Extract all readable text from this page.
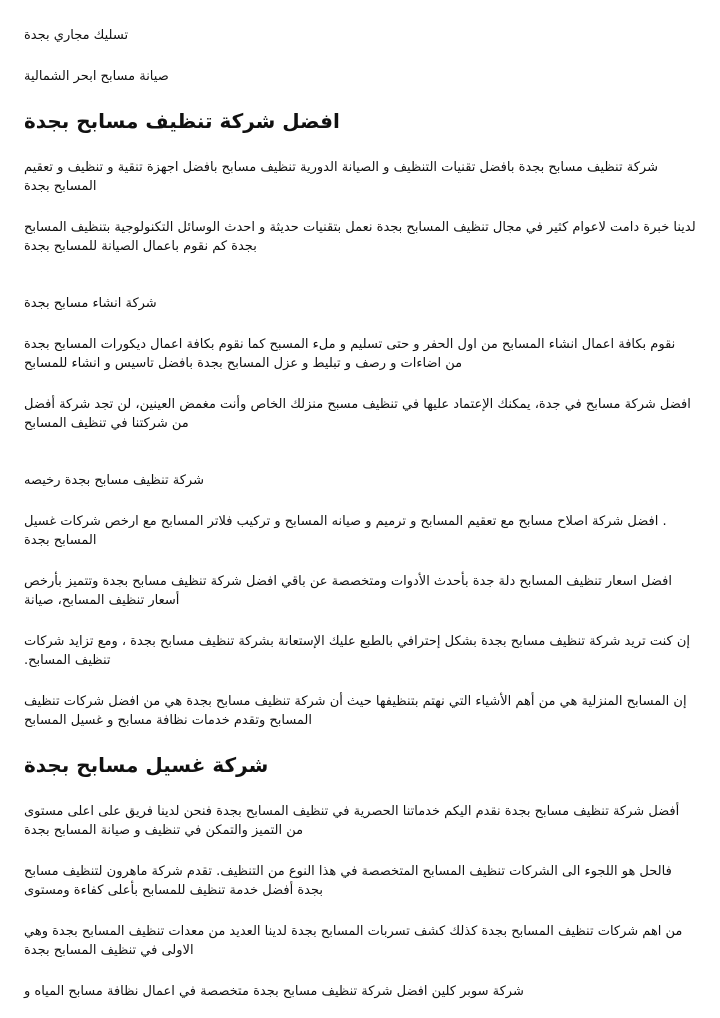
تسليك مجاري بجدة

صيانة مسابح ابحر الشمالية

افضل شركة تنظيف مسابح بجدة

شركة تنظيف مسابح بجدة بافضل تقنيات التنظيف و الصيانة الدورية تنظيف مسابح بافضل اجهزة تنقية و تنظيف و تعقيم المسابح بجدة

لدينا خبرة دامت لاعوام كثير في مجال تنظيف المسابح بجدة نعمل بتقنيات حديثة و احدث الوسائل التكنولوجية بتنظيف المسابح بجدة كم نقوم باعمال الصيانة للمسابح بجدة

شركة انشاء مسابح بجدة

نقوم بكافة اعمال انشاء المسابح من اول الحفر و حتى تسليم و ملء المسبح كما نقوم بكافة اعمال ديكورات المسابح بجدة من اضاءات و رصف و تبليط و عزل المسابح بجدة بافضل تاسيس و انشاء للمسابح

افضل شركة مسابح في جدة، يمكنك الإعتماد عليها في تنظيف مسبح منزلك الخاص وأنت مغمض العينين، لن تجد شركة أفضل من شركتنا في تنظيف المسابح

شركة تنظيف مسابح بجدة رخيصه

. افضل شركة اصلاح مسابح مع تعقيم المسابح و ترميم و صيانه المسابح و تركيب فلاتر المسابح مع ارخص شركات غسيل المسابح بجدة

افضل اسعار تنظيف المسابح دلة جدة بأحدث الأدوات ومتخصصة عن باقي افضل شركة تنظيف مسابح بجدة وتتميز بأرخص أسعار تنظيف المسابح، صيانة

إن كنت تريد شركة تنظيف مسابح بجدة بشكل إحترافي بالطبع عليك الإستعانة بشركة تنظيف مسابح بجدة ، ومع تزايد شركات تنظيف المسابح.

إن المسابح المنزلية هي من أهم الأشياء التي نهتم بتنظيفها حيث أن شركة تنظيف مسابح بجدة هي من افضل شركات تنظيف المسابح وتقدم خدمات نظافة مسابح و غسيل المسابح

شركة غسيل مسابح بجدة

أفضل شركة تنظيف مسابح بجدة نقدم اليكم خدماتنا الحصرية في تنظيف المسابح بجدة فنحن لدينا فريق على اعلى مستوى من التميز والتمكن في تنظيف و صيانة المسابح بجدة

فالحل هو اللجوء الى الشركات تنظيف المسابح المتخصصة في هذا النوع من التنظيف. تقدم شركة ماهرون لتنظيف مسابح بجدة أفضل خدمة تنظيف للمسابح بأعلى كفاءة ومستوى

من اهم شركات تنظيف المسابح بجدة كذلك كشف تسربات المسابح بجدة لدينا العديد من معدات تنظيف المسابح بجدة وهي الاولى في تنظيف المسابح بجدة

شركة سوبر كلين افضل شركة تنظيف مسابح بجدة متخصصة في اعمال نظافة مسابح المياه و
